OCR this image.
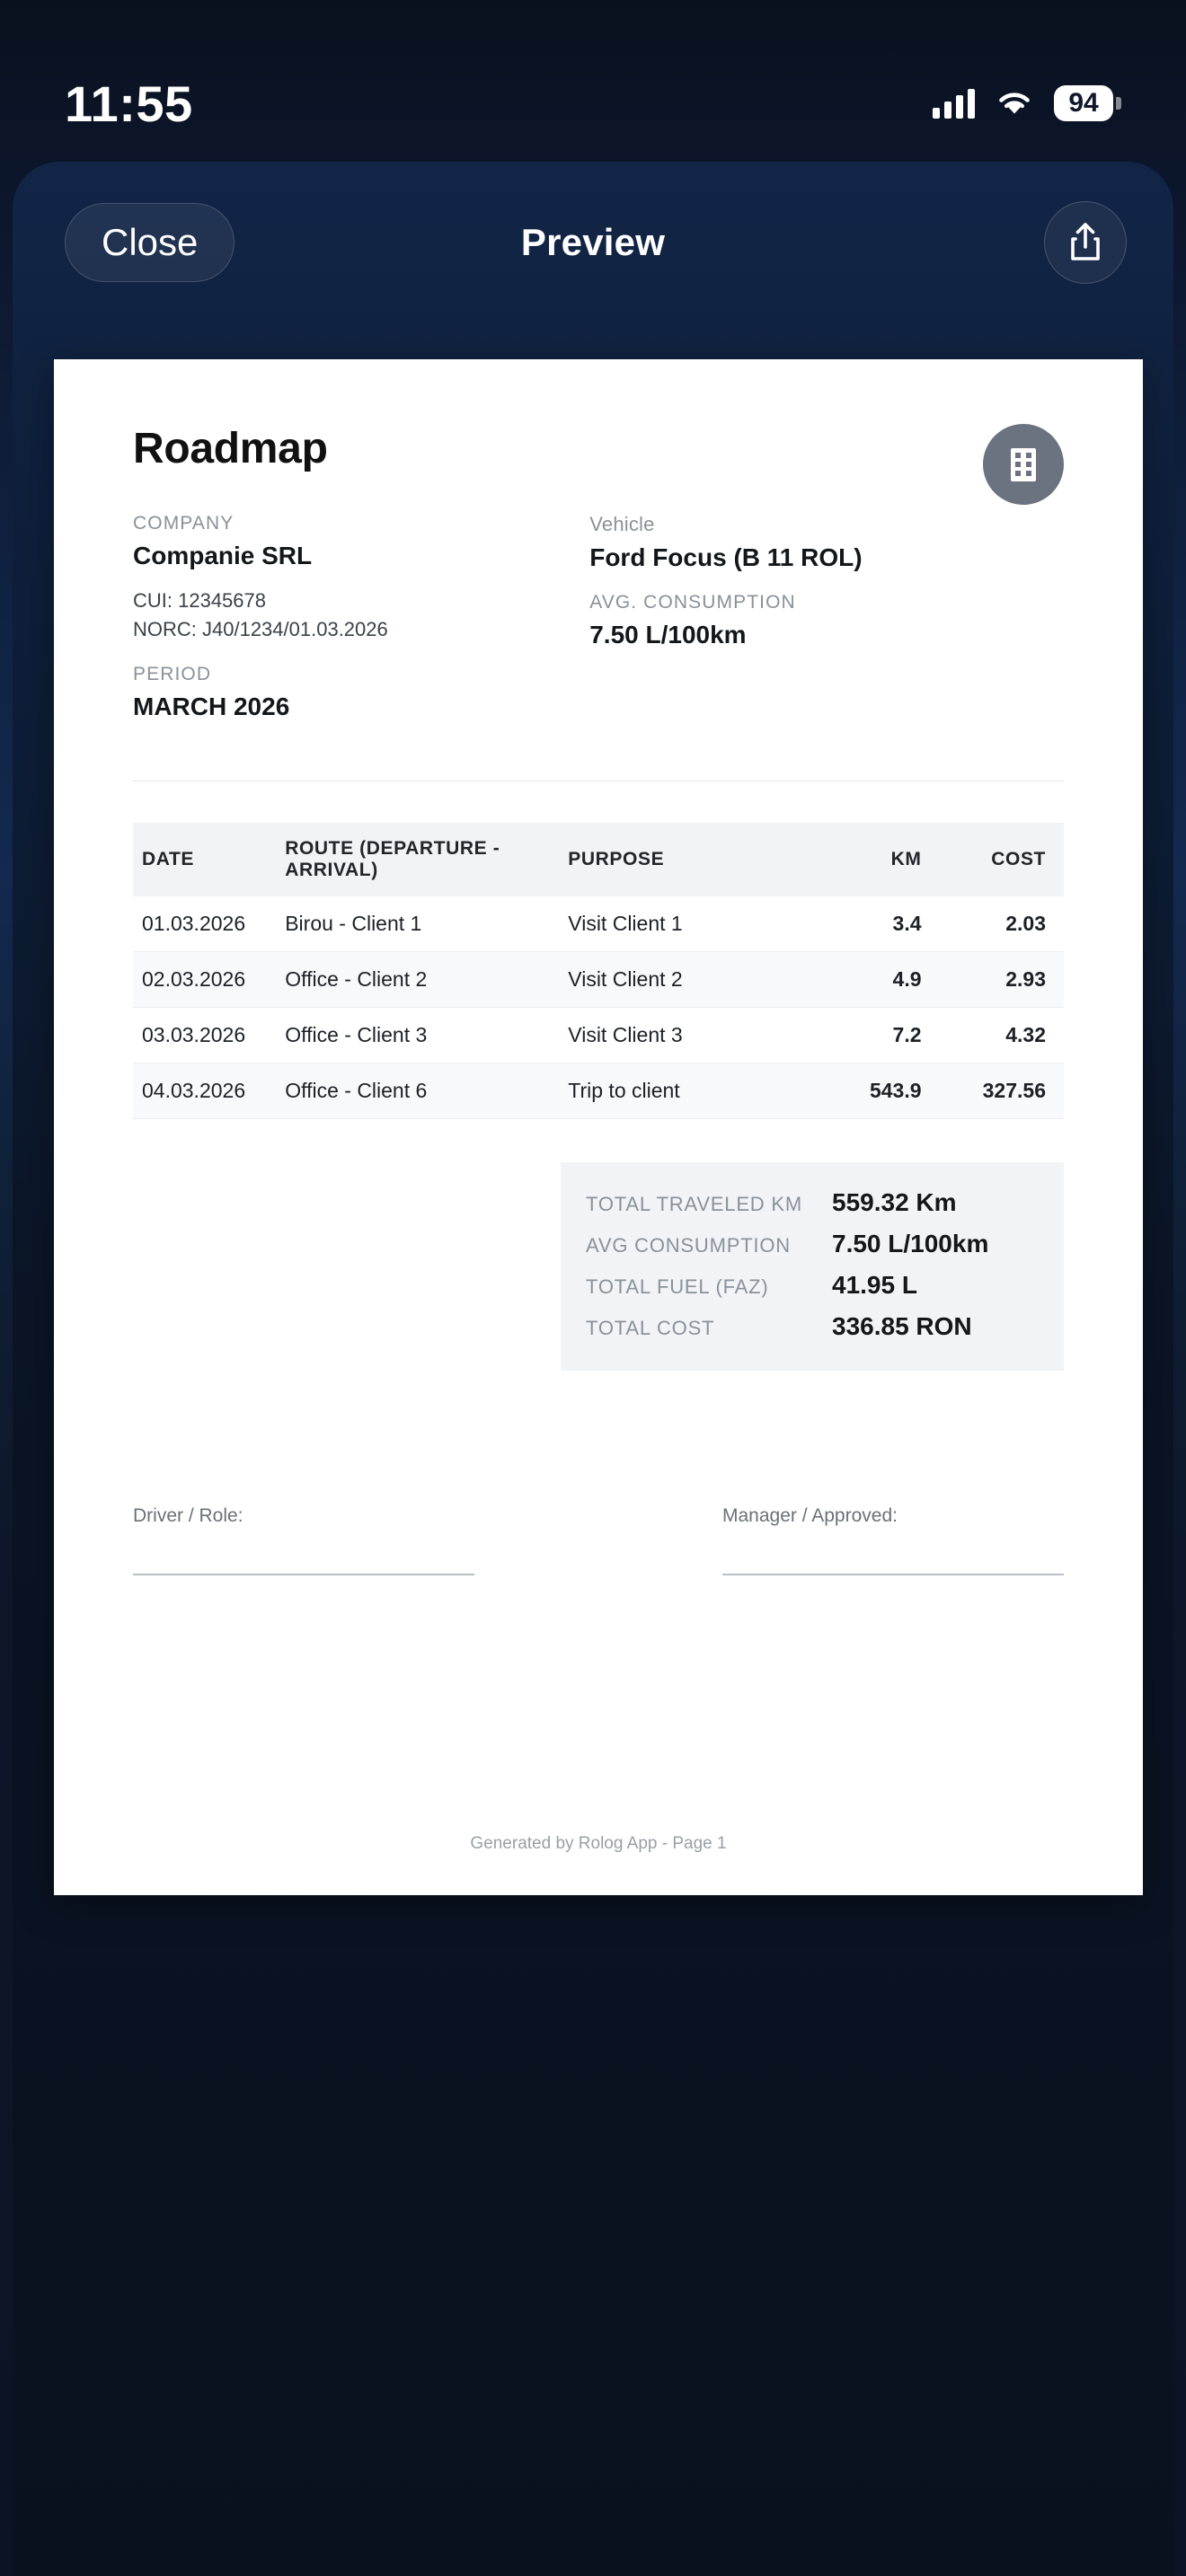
11:55	94
Close	Preview
Roadmap
COMPANY
Companie SRL
CUI: 12345678
NORC: J40/1234/01.03.2026
PERIOD
MARCH 2026
Vehicle
Ford Focus (B 11 ROL)
AVG. CONSUMPTION
7.50 L/100km
DATE	ROUTE (DEPARTURE - ARRIVAL)	PURPOSE	KM	COST
01.03.2026	Birou - Client 1	Visit Client 1	3.4	2.03
02.03.2026	Office - Client 2	Visit Client 2	4.9	2.93
03.03.2026	Office - Client 3	Visit Client 3	7.2	4.32
04.03.2026	Office - Client 6	Trip to client	543.9	327.56
TOTAL TRAVELED KM 559.32 Km
AVG CONSUMPTION 7.50 L/100km
TOTAL FUEL (FAZ)	41.95 L
TOTAL COST	336.85 RON
Driver / Role:	Manager / Approved:
Generated by Rolog App - Page 1
